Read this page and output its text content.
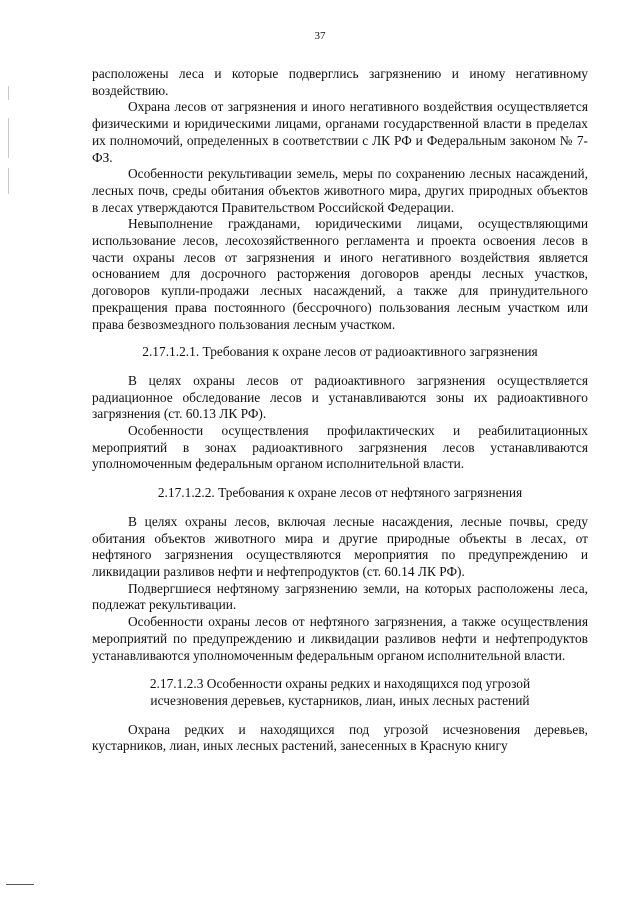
37

расположены леса и которые подверглись загрязнению и иному негативному воздействию.

Охрана лесов от загрязнения и иного негативного воздействия осуществляется физическими и юридическими лицами, органами государственной власти в пределах их полномочий, определенных в соответствии с ЛК РФ и Федеральным законом № 7-ФЗ.

Особенности рекультивации земель, меры по сохранению лесных насаждений, лесных почв, среды обитания объектов животного мира, других природных объектов в лесах утверждаются Правительством Российской Федерации.

Невыполнение гражданами, юридическими лицами, осуществляющими использование лесов, лесохозяйственного регламента и проекта освоения лесов в части охраны лесов от загрязнения и иного негативного воздействия является основанием для досрочного расторжения договоров аренды лесных участков, договоров купли-продажи лесных насаждений, а также для принудительного прекращения права постоянного (бессрочного) пользования лесным участком или права безвозмездного пользования лесным участком.

2.17.1.2.1. Требования к охране лесов от радиоактивного загрязнения

В целях охраны лесов от радиоактивного загрязнения осуществляется радиационное обследование лесов и устанавливаются зоны их радиоактивного загрязнения (ст. 60.13 ЛК РФ).

Особенности осуществления профилактических и реабилитационных мероприятий в зонах радиоактивного загрязнения лесов устанавливаются уполномоченным федеральным органом исполнительной власти.

2.17.1.2.2. Требования к охране лесов от нефтяного загрязнения

В целях охраны лесов, включая лесные насаждения, лесные почвы, среду обитания объектов животного мира и другие природные объекты в лесах, от нефтяного загрязнения осуществляются мероприятия по предупреждению и ликвидации разливов нефти и нефтепродуктов (ст. 60.14 ЛК РФ).

Подвергшиеся нефтяному загрязнению земли, на которых расположены леса, подлежат рекультивации.

Особенности охраны лесов от нефтяного загрязнения, а также осуществления мероприятий по предупреждению и ликвидации разливов нефти и нефтепродуктов устанавливаются уполномоченным федеральным органом исполнительной власти.

2.17.1.2.3 Особенности охраны редких и находящихся под угрозой
исчезновения деревьев, кустарников, лиан, иных лесных растений

Охрана редких и находящихся под угрозой исчезновения деревьев, кустарников, лиан, иных лесных растений, занесенных в Красную книгу
